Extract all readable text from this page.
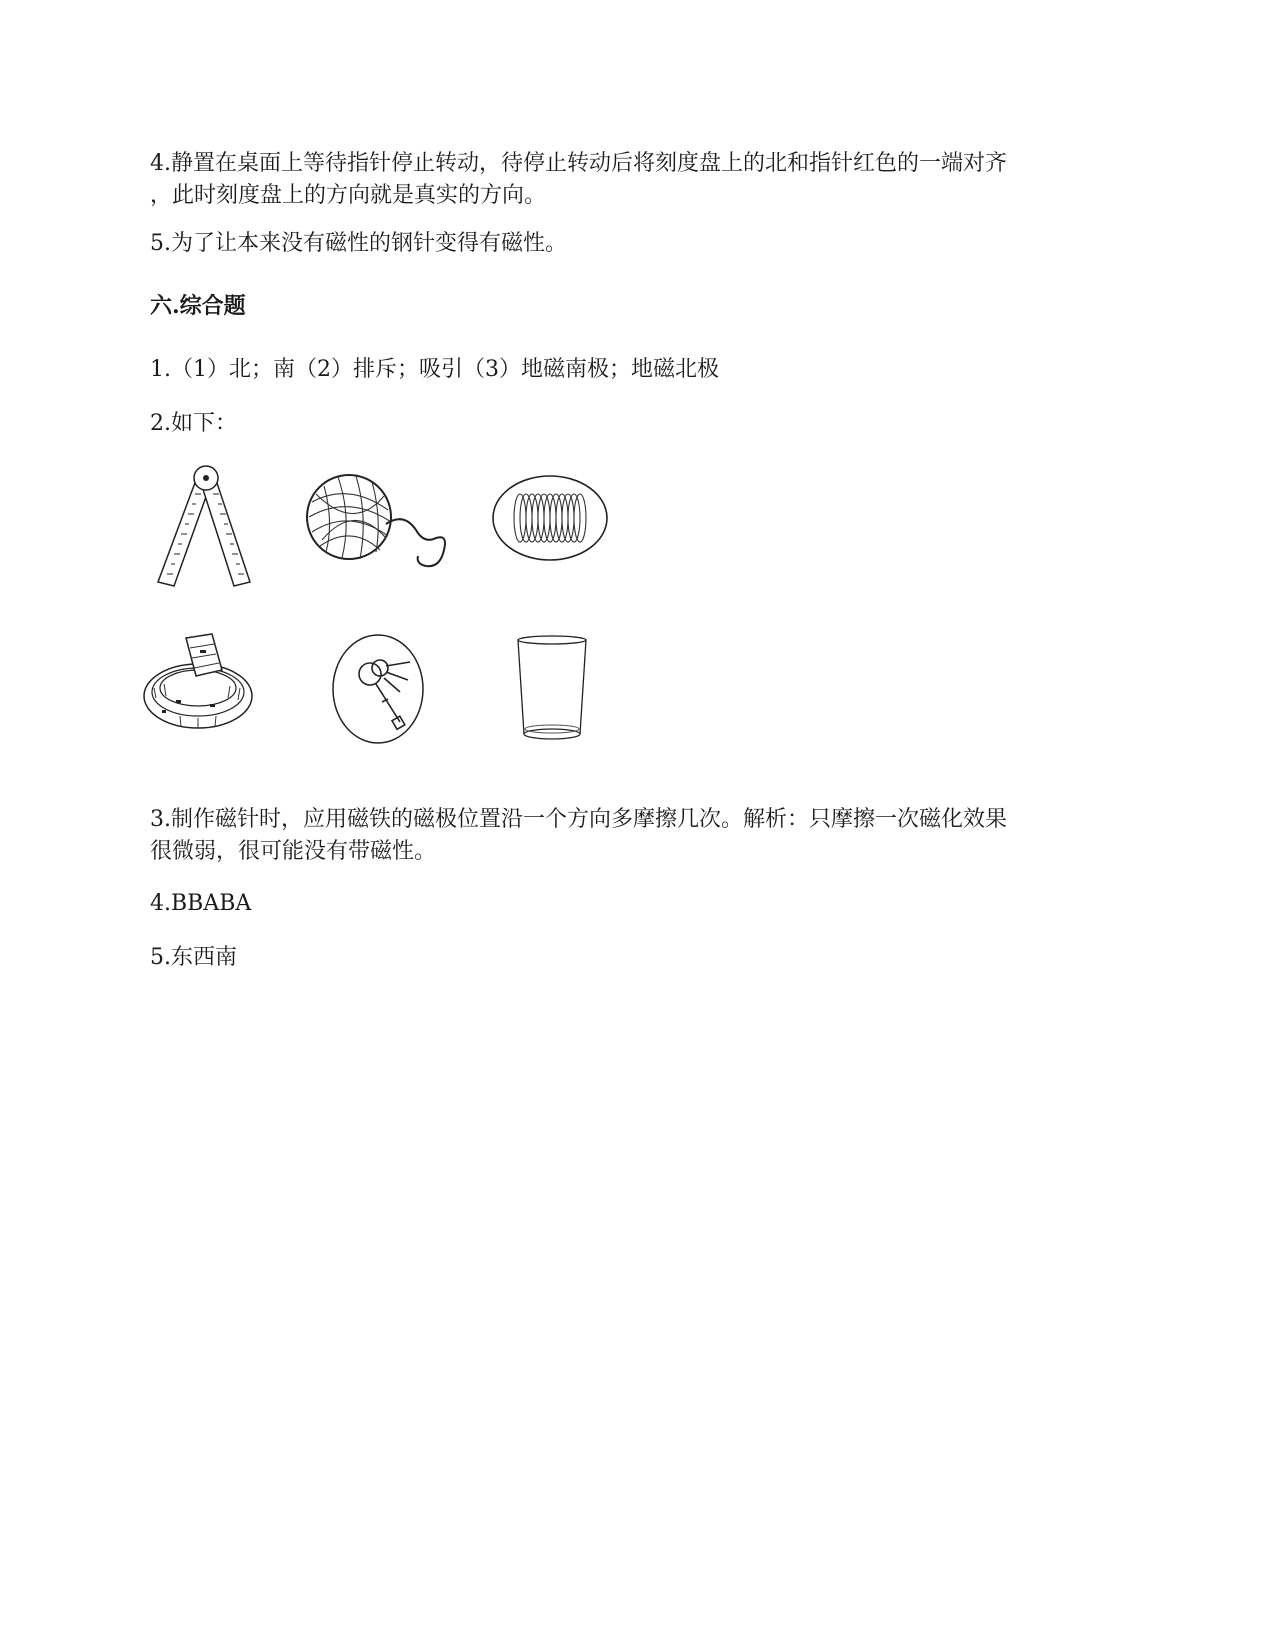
4.静置在桌面上等待指针停止转动，待停止转动后将刻度盘上的北和指针红色的一端对齐
，此时刻度盘上的方向就是真实的方向。
5.为了让本来没有磁性的钢针变得有磁性。
六.综合题
1.（1）北；南（2）排斥；吸引（3）地磁南极；地磁北极
2.如下：
3.制作磁针时，应用磁铁的磁极位置沿一个方向多摩擦几次。解析：只摩擦一次磁化效果
很微弱，很可能没有带磁性。
4.BBABA
5.东西南
